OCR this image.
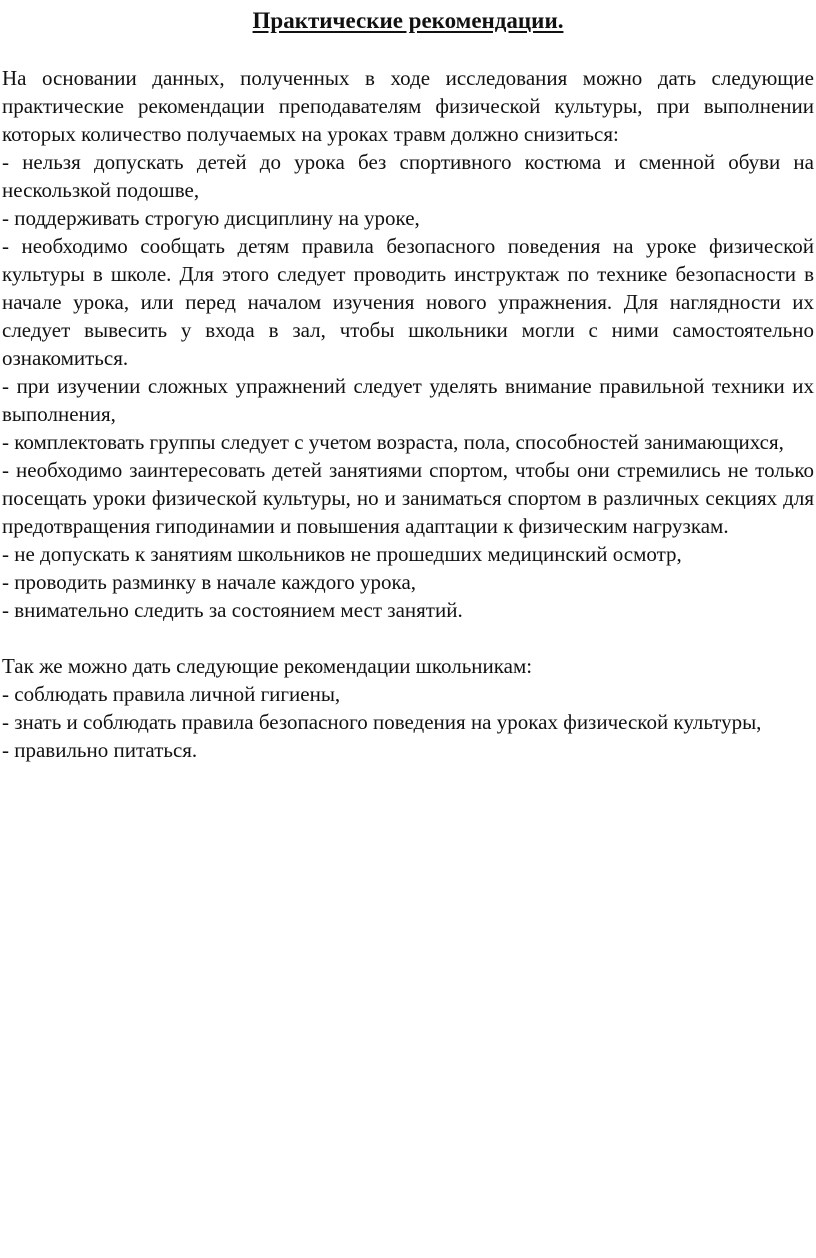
Практические рекомендации.

На основании данных, полученных в ходе исследования можно дать следующие практические рекомендации преподавателям физической культуры, при выполнении которых количество получаемых на уроках травм должно снизиться:

- нельзя допускать детей до урока без спортивного костюма и сменной обуви на нескользкой подошве,

- поддерживать строгую дисциплину на уроке,

- необходимо сообщать детям правила безопасного поведения на уроке физической культуры в школе. Для этого следует проводить инструктаж по технике безопасности в начале урока, или перед началом изучения нового упражнения. Для наглядности их следует вывесить у входа в зал, чтобы школьники могли с ними самостоятельно ознакомиться.

- при изучении сложных упражнений следует уделять внимание правильной техники их выполнения,

- комплектовать группы следует с учетом возраста, пола, способностей занимающихся,

- необходимо заинтересовать детей занятиями спортом, чтобы они стремились не только посещать уроки физической культуры, но и заниматься спортом в различных секциях для предотвращения гиподинамии и повышения адаптации к физическим нагрузкам.

- не допускать к занятиям школьников не прошедших медицинский осмотр,

- проводить разминку в начале каждого урока,

- внимательно следить за состоянием мест занятий.

Так же можно дать следующие рекомендации школьникам:

- соблюдать правила личной гигиены,

- знать и соблюдать правила безопасного поведения на уроках физической культуры,

- правильно питаться.
